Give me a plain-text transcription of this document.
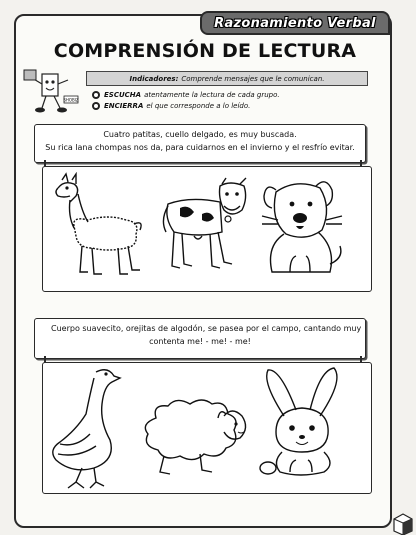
Razonamiento Verbal
COMPRENSIÓN DE LECTURA
SHOBIZ
Indicadores: Comprende mensajes que le comunican.
ESCUCHA atentamente la lectura de cada grupo.
ENCIERRA el que corresponde a lo leído.
Cuatro patitas, cuello delgado, es muy buscada.
Su rica lana chompas nos da, para cuidarnos en el invierno y el resfrío evitar.
Cuerpo suavecito, orejitas de algodón, se pasea por el campo, cantando muy
contenta me! - me! - me!
